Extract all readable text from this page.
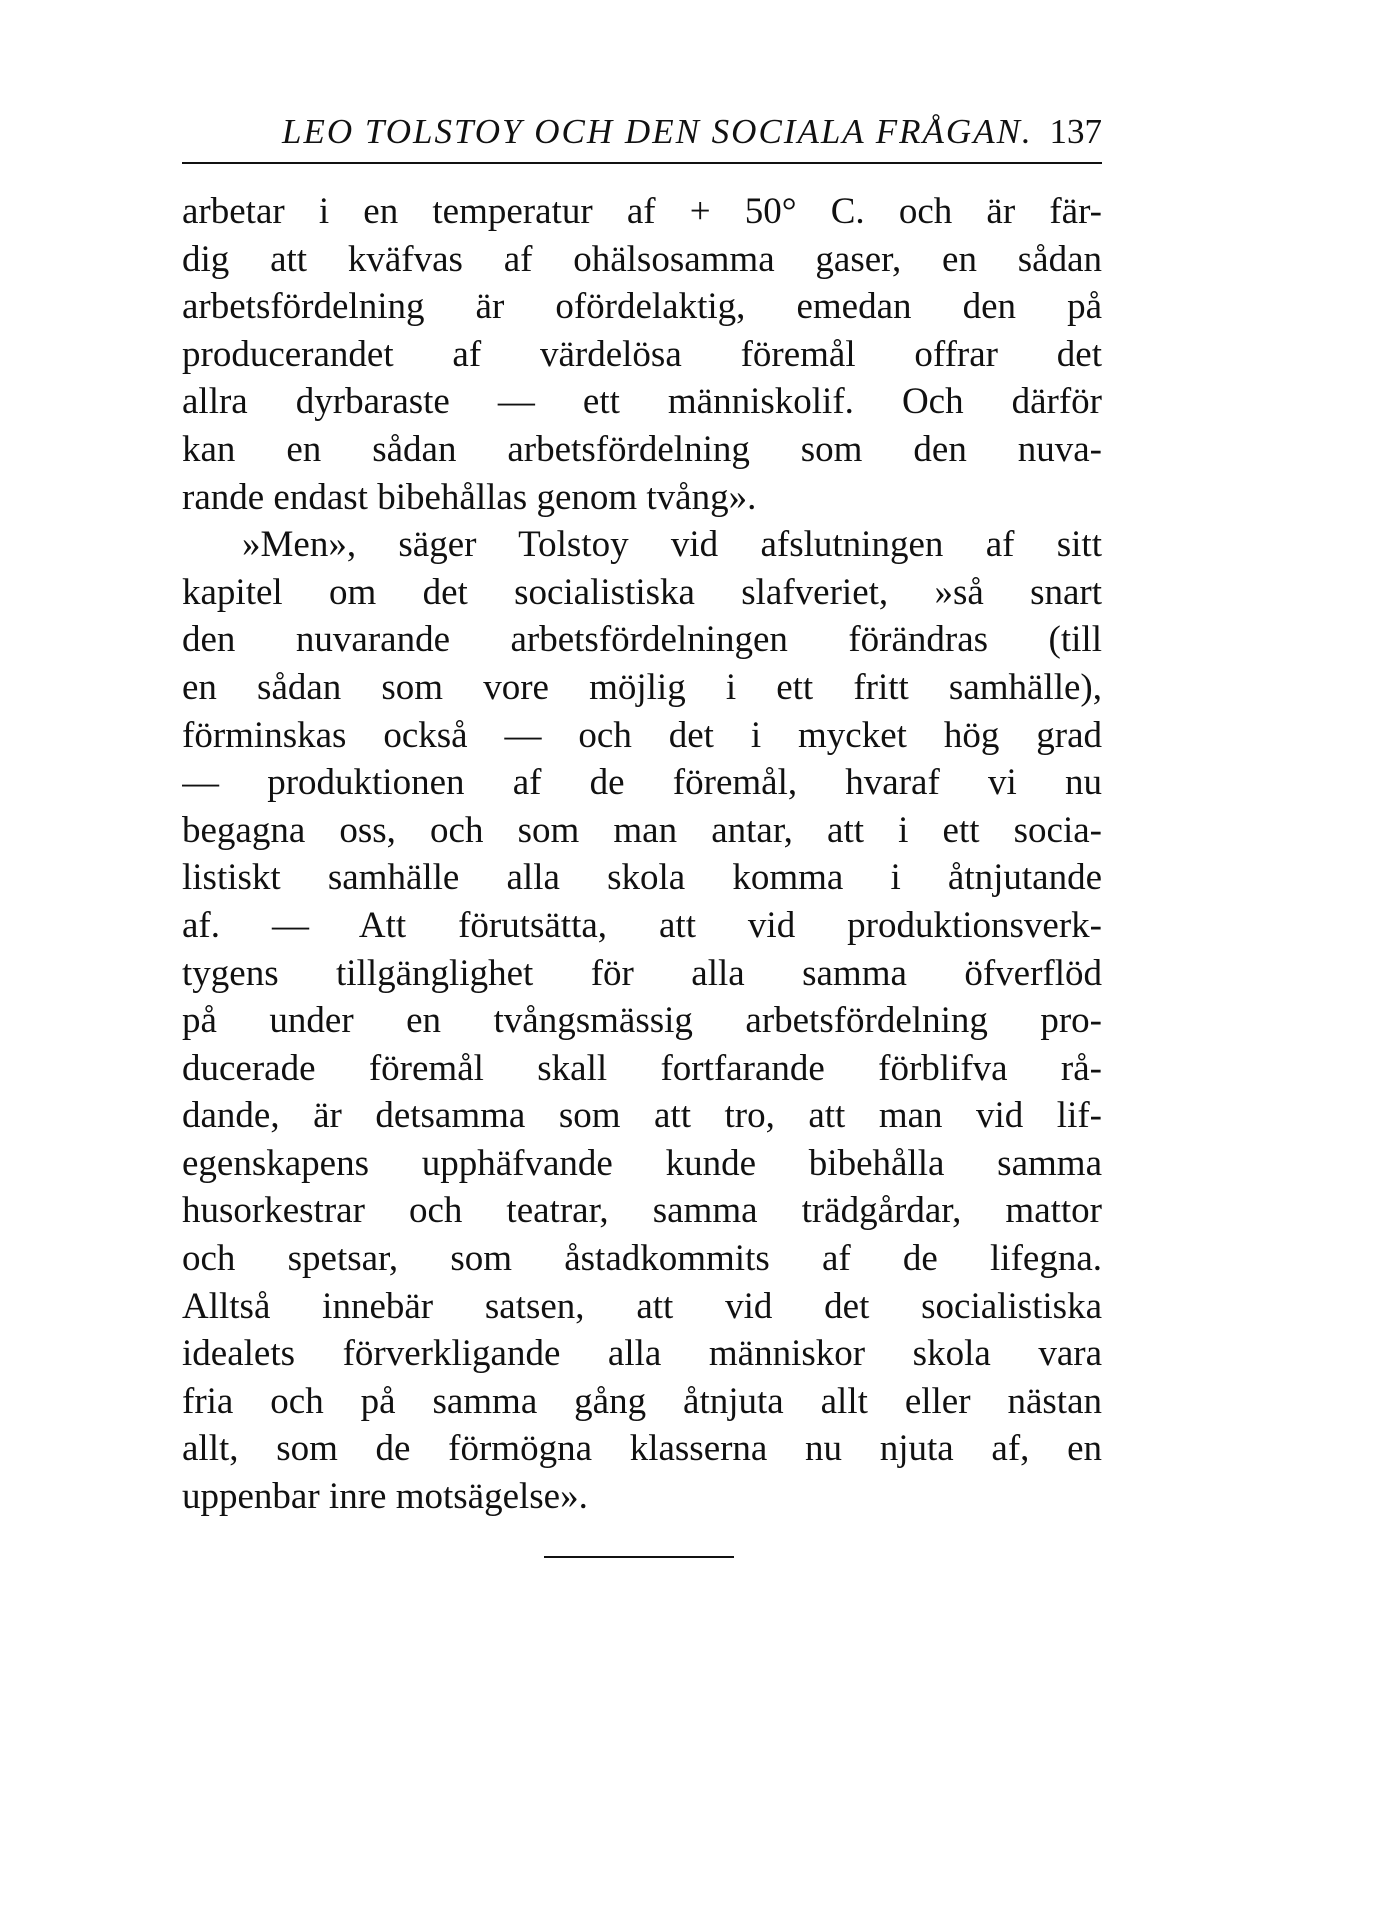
LEO TOLSTOY OCH DEN SOCIALA FRÅGAN. 137
arbetar i en temperatur af + 50° C. och är fär-
dig att kväfvas af ohälsosamma gaser, en sådan
arbetsfördelning är ofördelaktig, emedan den på
producerandet af värdelösa föremål offrar det
allra dyrbaraste — ett människolif. Och därför
kan en sådan arbetsfördelning som den nuva-
rande endast bibehållas genom tvång».
»Men», säger Tolstoy vid afslutningen af sitt
kapitel om det socialistiska slafveriet, »så snart
den nuvarande arbetsfördelningen förändras (till
en sådan som vore möjlig i ett fritt samhälle),
förminskas också — och det i mycket hög grad
— produktionen af de föremål, hvaraf vi nu
begagna oss, och som man antar, att i ett socia-
listiskt samhälle alla skola komma i åtnjutande
af. — Att förutsätta, att vid produktionsverk-
tygens tillgänglighet för alla samma öfverflöd
på under en tvångsmässig arbetsfördelning pro-
ducerade föremål skall fortfarande förblifva rå-
dande, är detsamma som att tro, att man vid lif-
egenskapens upphäfvande kunde bibehålla samma
husorkestrar och teatrar, samma trädgårdar, mattor
och spetsar, som åstadkommits af de lifegna.
Alltså innebär satsen, att vid det socialistiska
idealets förverkligande alla människor skola vara
fria och på samma gång åtnjuta allt eller nästan
allt, som de förmögna klasserna nu njuta af, en
uppenbar inre motsägelse».
